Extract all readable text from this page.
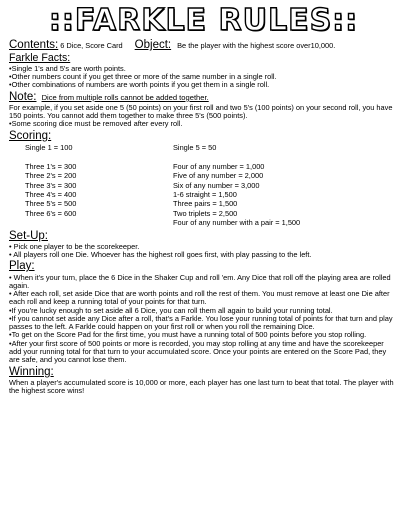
::FARKLE RULES::
Contents: 6 Dice, Score Card Object: Be the player with the highest score over10,000.
Farkle Facts:

•Single 1's and 5's are worth points.

•Other numbers count if you get three or more of the same number in a single roll.

•Other combinations of numbers are worth points if you get them in a single roll.

Note: Dice from multiple rolls cannot be added together.

For example, if you set aside one 5 (50 points) on your first roll and two 5's (100 points) on your second roll, you have 150 points. You cannot add them together to make three 5's (500 points).

•Some scoring dice must be removed after every roll.

Scoring:
Single 1 = 100	Single 5 = 50
Three 1's = 300	Four of any number = 1,000
Three 2's = 200	Five of any number = 2,000
Three 3's = 300	Six of any number = 3,000
Three 4's = 400	1-6 straight = 1,500
Three 5's = 500	Three pairs = 1,500
Three 6's = 600	Two triplets = 2,500
Four of any number with a pair = 1,500
Set-Up:

• Pick one player to be the scorekeeper.

• All players roll one Die. Whoever has the highest roll goes first, with play passing to the left.

Play:

• When it's your turn, place the 6 Dice in the Shaker Cup and roll 'em. Any Dice that roll off the playing area are rolled again.

• After each roll, set aside Dice that are worth points and roll the rest of them. You must remove at least one Die after each roll and keep a running total of your points for that turn.

•If you're lucky enough to set aside all 6 Dice, you can roll them all again to build your running total.

•If you cannot set aside any Dice after a roll, that's a Farkle. You lose your running total of points for that turn and play passes to the left. A Farkle could happen on your first roll or when you roll the remaining Dice.

•To get on the Score Pad for the first time, you must have a running total of 500 points before you stop rolling.

•After your first score of 500 points or more is recorded, you may stop rolling at any time and have the scorekeeper add your running total for that turn to your accumulated score. Once your points are entered on the Score Pad, they are safe, and you cannot lose them.

Winning:

When a player's accumulated score is 10,000 or more, each player has one last turn to beat that total. The player with the highest score wins!
